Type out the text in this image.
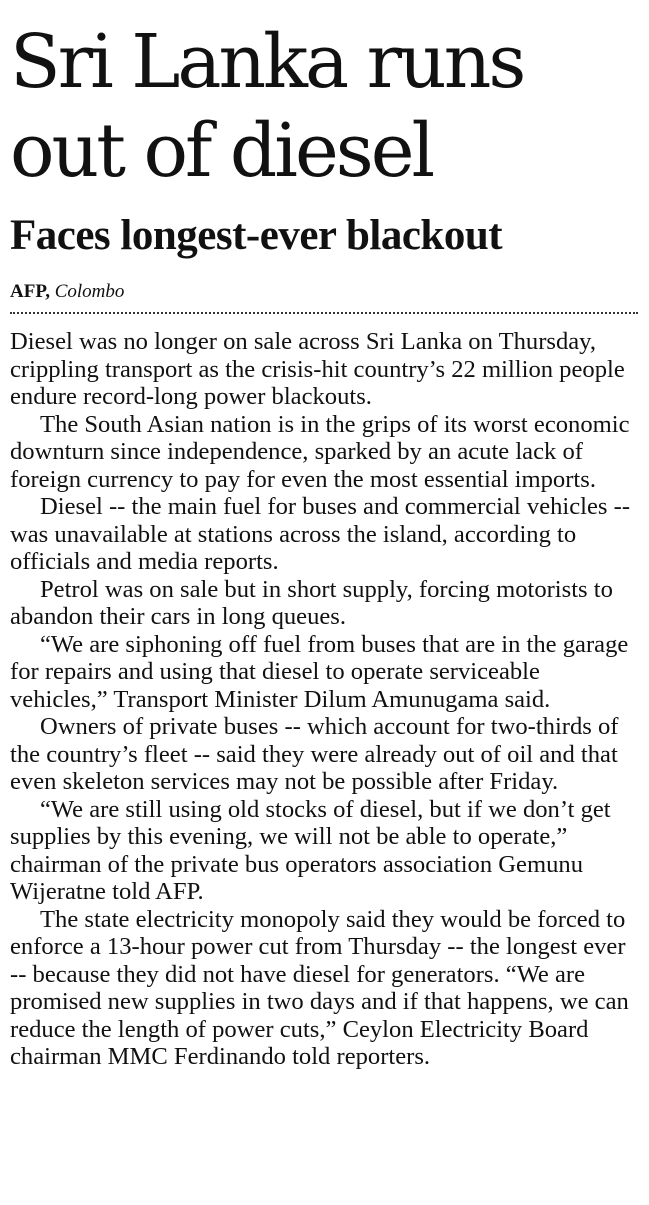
Sri Lanka runs out of diesel
Faces longest-ever blackout
AFP, Colombo

Diesel was no longer on sale across Sri Lanka on Thursday, crippling transport as the crisis-hit country’s 22 million people endure record-long power blackouts.

The South Asian nation is in the grips of its worst economic downturn since independence, sparked by an acute lack of foreign currency to pay for even the most essential imports.

Diesel -- the main fuel for buses and commercial vehicles -- was unavailable at stations across the island, according to officials and media reports.

Petrol was on sale but in short supply, forcing motorists to abandon their cars in long queues.

“We are siphoning off fuel from buses that are in the garage for repairs and using that diesel to operate serviceable vehicles,” Transport Minister Dilum Amunugama said.

Owners of private buses -- which account for two-thirds of the country’s fleet -- said they were already out of oil and that even skeleton services may not be possible after Friday.

“We are still using old stocks of diesel, but if we don’t get supplies by this evening, we will not be able to operate,” chairman of the private bus operators association Gemunu Wijeratne told AFP.

The state electricity monopoly said they would be forced to enforce a 13-hour power cut from Thursday -- the longest ever -- because they did not have diesel for generators. “We are promised new supplies in two days and if that happens, we can reduce the length of power cuts,” Ceylon Electricity Board chairman MMC Ferdinando told reporters.
